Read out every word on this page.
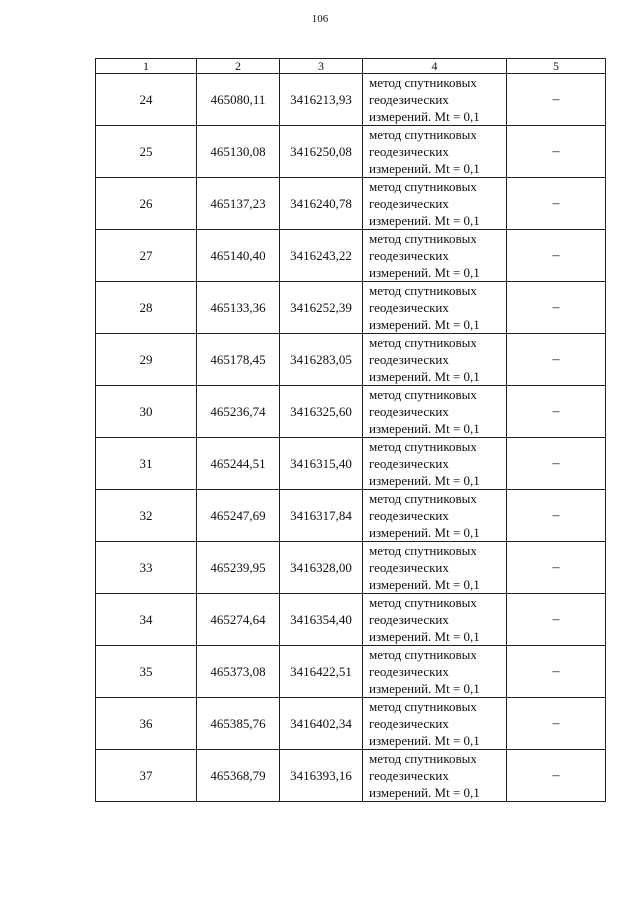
106
1	2	3	4	5
24	465080,11	3416213,93	метод спутниковых
геодезических
измерений. Mt = 0,1	–
25	465130,08	3416250,08	метод спутниковых
геодезических
измерений. Mt = 0,1	–
26	465137,23	3416240,78	метод спутниковых
геодезических
измерений. Mt = 0,1	–
27	465140,40	3416243,22	метод спутниковых
геодезических
измерений. Mt = 0,1	–
28	465133,36	3416252,39	метод спутниковых
геодезических
измерений. Mt = 0,1	–
29	465178,45	3416283,05	метод спутниковых
геодезических
измерений. Mt = 0,1	–
30	465236,74	3416325,60	метод спутниковых
геодезических
измерений. Mt = 0,1	–
31	465244,51	3416315,40	метод спутниковых
геодезических
измерений. Mt = 0,1	–
32	465247,69	3416317,84	метод спутниковых
геодезических
измерений. Mt = 0,1	–
33	465239,95	3416328,00	метод спутниковых
геодезических
измерений. Mt = 0,1	–
34	465274,64	3416354,40	метод спутниковых
геодезических
измерений. Mt = 0,1	–
35	465373,08	3416422,51	метод спутниковых
геодезических
измерений. Mt = 0,1	–
36	465385,76	3416402,34	метод спутниковых
геодезических
измерений. Mt = 0,1	–
37	465368,79	3416393,16	метод спутниковых
геодезических
измерений. Mt = 0,1	–
